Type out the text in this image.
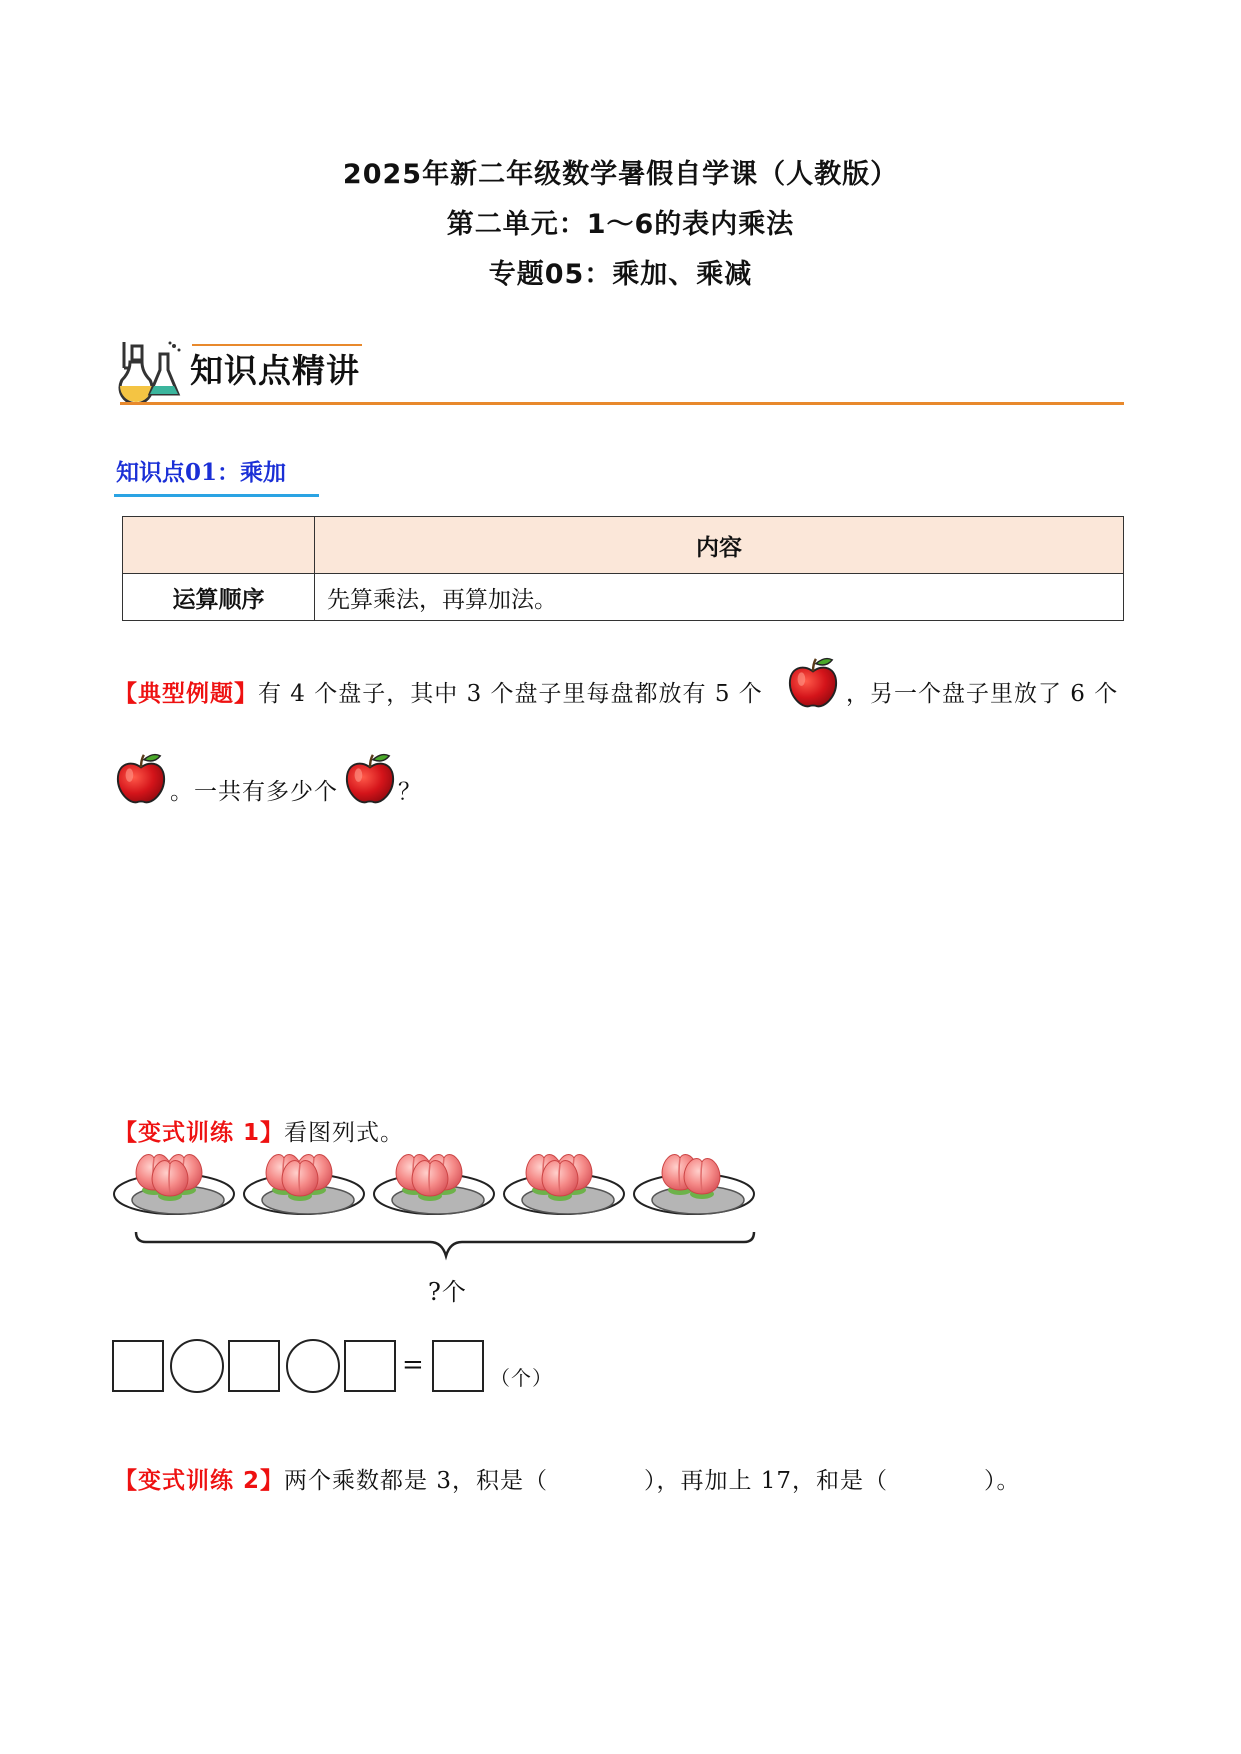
2025年新二年级数学暑假自学课（人教版）
第二单元：1～6的表内乘法
专题05：乘加、乘减
知识点精讲
知识点01：乘加
	内容
运算顺序	先算乘法，再算加法。
【典型例题】有 4 个盘子，其中 3 个盘子里每盘都放有 5 个	，另一个盘子里放了 6 个
。一共有多少个	？
【变式训练 1】看图列式。
?个
=	（个）
【变式训练 2】两个乘数都是 3，积是（　　　　），再加上 17，和是（　　　　）。
